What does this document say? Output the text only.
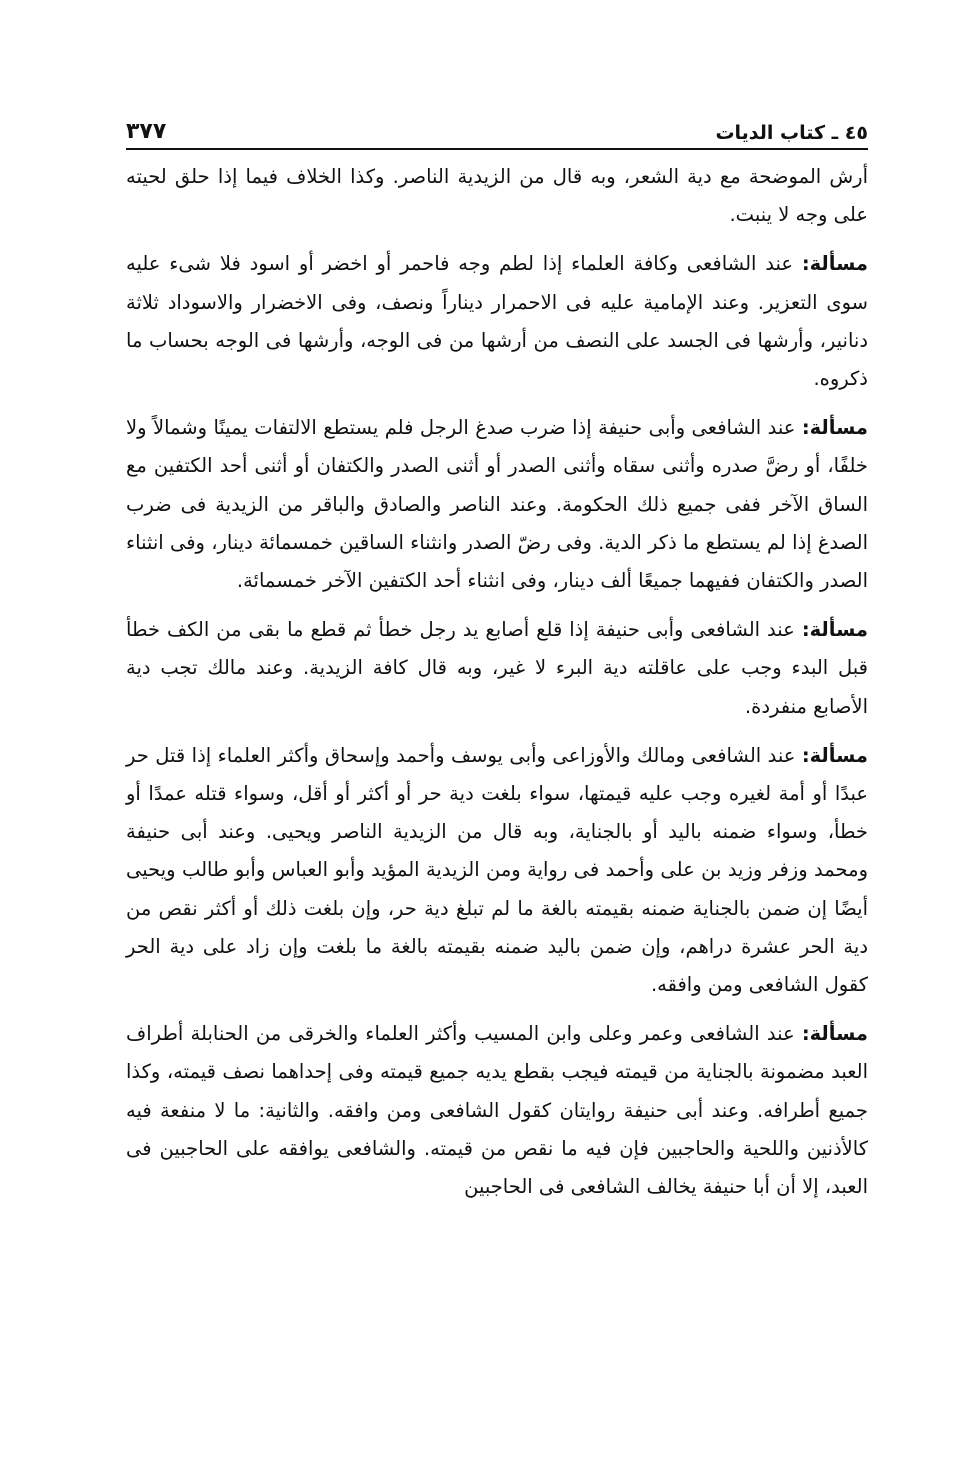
٤٥ ـ كتاب الديات
٣٧٧

أرش الموضحة مع دية الشعر، وبه قال من الزيدية الناصر. وكذا الخلاف فيما إذا حلق لحيته على وجه لا ينبت.

مسألة: عند الشافعى وكافة العلماء إذا لطم وجه فاحمر أو اخضر أو اسود فلا شىء عليه سوى التعزير. وعند الإمامية عليه فى الاحمرار ديناراً ونصف، وفى الاخضرار والاسوداد ثلاثة دنانير، وأرشها فى الجسد على النصف من أرشها من فى الوجه، وأرشها فى الوجه بحساب ما ذكروه.

مسألة: عند الشافعى وأبى حنيفة إذا ضرب صدغ الرجل فلم يستطع الالتفات يمينًا وشمالاً ولا خلفًا، أو رضَّ صدره وأثنى سقاه وأثنى الصدر أو أثنى الصدر والكتفان أو أثنى أحد الكتفين مع الساق الآخر ففى جميع ذلك الحكومة. وعند الناصر والصادق والباقر من الزيدية فى ضرب الصدغ إذا لم يستطع ما ذكر الدية. وفى رضّ الصدر وانثناء الساقين خمسمائة دينار، وفى انثناء الصدر والكتفان ففيهما جميعًا ألف دينار، وفى انثناء أحد الكتفين الآخر خمسمائة.

مسألة: عند الشافعى وأبى حنيفة إذا قلع أصابع يد رجل خطأ ثم قطع ما بقى من الكف خطأ قبل البدء وجب على عاقلته دية البرء لا غير، وبه قال كافة الزيدية. وعند مالك تجب دية الأصابع منفردة.

مسألة: عند الشافعى ومالك والأوزاعى وأبى يوسف وأحمد وإسحاق وأكثر العلماء إذا قتل حر عبدًا أو أمة لغيره وجب عليه قيمتها، سواء بلغت دية حر أو أكثر أو أقل، وسواء قتله عمدًا أو خطأ، وسواء ضمنه باليد أو بالجناية، وبه قال من الزيدية الناصر ويحيى. وعند أبى حنيفة ومحمد وزفر وزيد بن على وأحمد فى رواية ومن الزيدية المؤيد وأبو العباس وأبو طالب ويحيى أيضًا إن ضمن بالجناية ضمنه بقيمته بالغة ما لم تبلغ دية حر، وإن بلغت ذلك أو أكثر نقص من دية الحر عشرة دراهم، وإن ضمن باليد ضمنه بقيمته بالغة ما بلغت وإن زاد على دية الحر كقول الشافعى ومن وافقه.

مسألة: عند الشافعى وعمر وعلى وابن المسيب وأكثر العلماء والخرقى من الحنابلة أطراف العبد مضمونة بالجناية من قيمته فيجب بقطع يديه جميع قيمته وفى إحداهما نصف قيمته، وكذا جميع أطرافه. وعند أبى حنيفة روايتان كقول الشافعى ومن وافقه. والثانية: ما لا منفعة فيه كالأذنين واللحية والحاجبين فإن فيه ما نقص من قيمته. والشافعى يوافقه على الحاجبين فى العبد، إلا أن أبا حنيفة يخالف الشافعى فى الحاجبين
